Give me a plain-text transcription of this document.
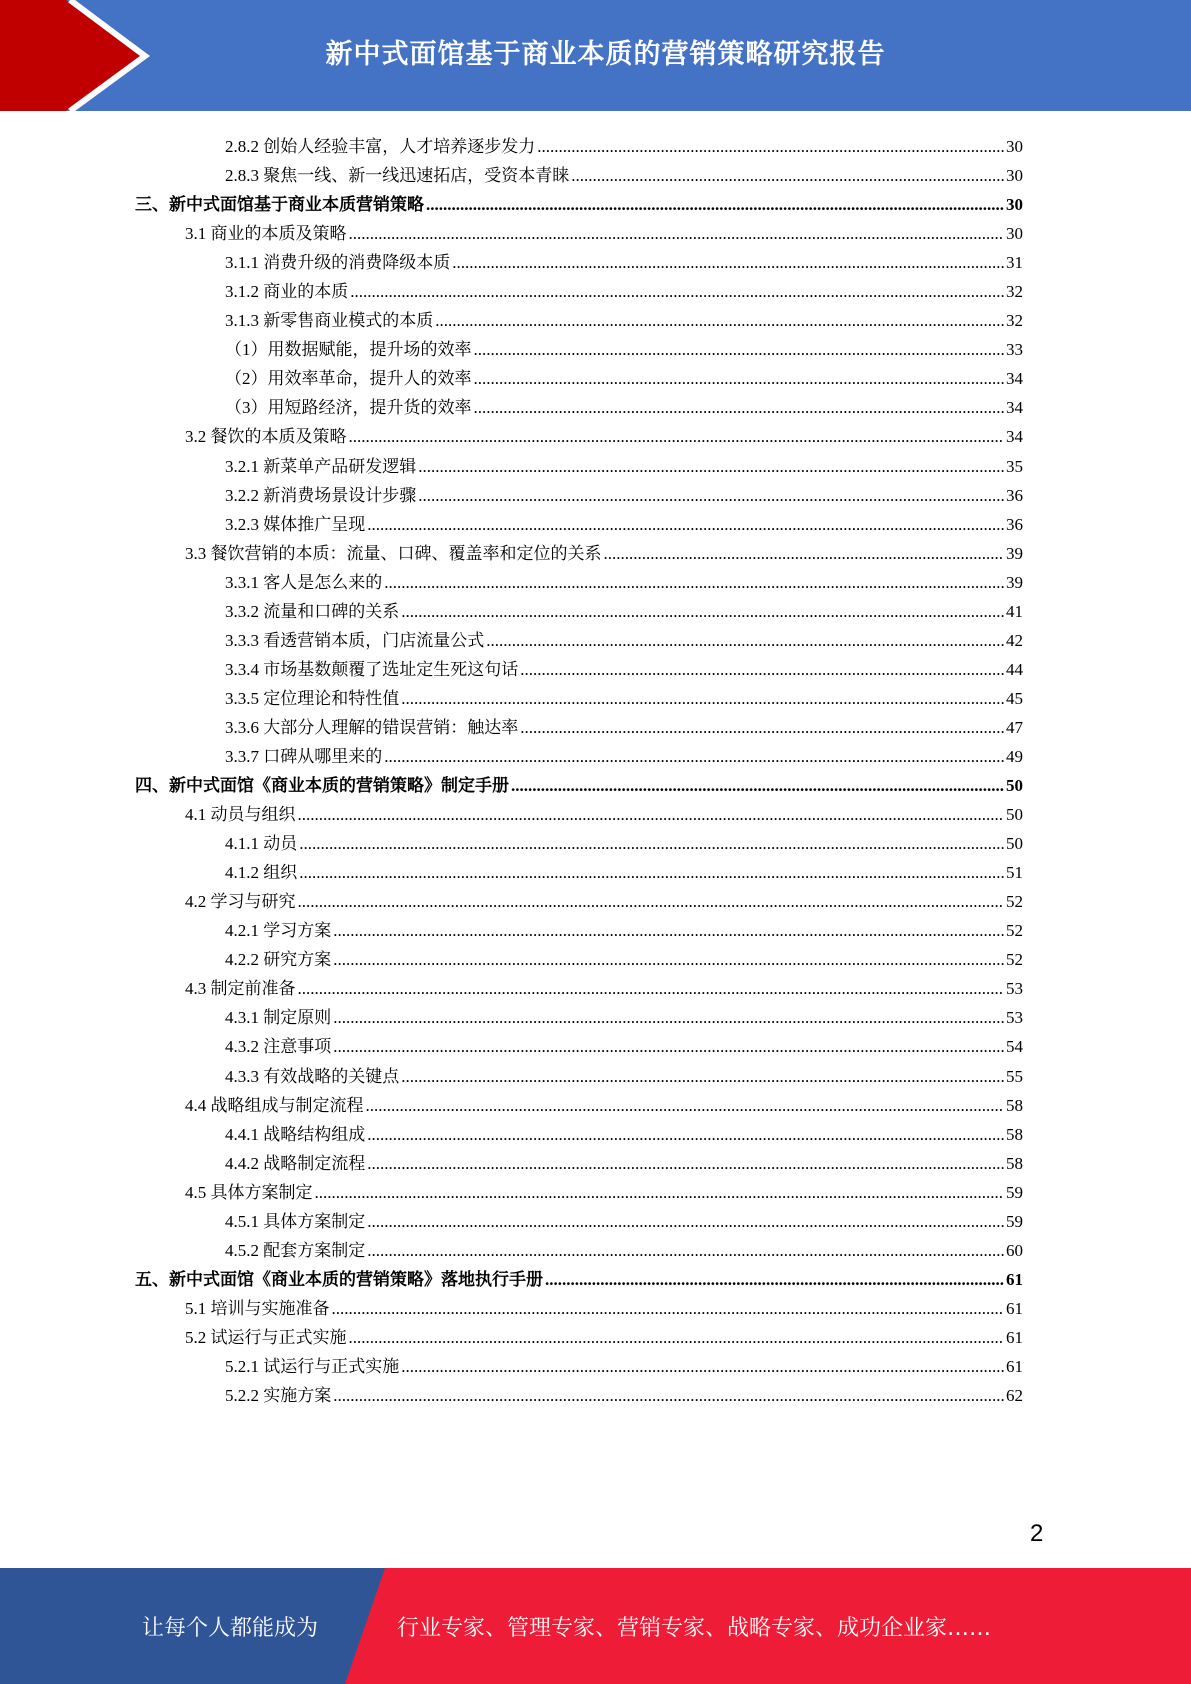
新中式面馆基于商业本质的营销策略研究报告
2.8.2 创始人经验丰富，人才培养逐步发力 .....	30
2.8.3 聚焦一线、新一线迅速拓店，受资本青睐 .....	30
三、新中式面馆基于商业本质营销策略 .....	30
3.1 商业的本质及策略 .....	30
3.1.1 消费升级的消费降级本质 .....	31
3.1.2 商业的本质 .....	32
3.1.3 新零售商业模式的本质 .....	32
（1）用数据赋能，提升场的效率 .....	33
（2）用效率革命，提升人的效率 .....	34
（3）用短路经济，提升货的效率 .....	34
3.2 餐饮的本质及策略 .....	34
3.2.1 新菜单产品研发逻辑 .....	35
3.2.2 新消费场景设计步骤 .....	36
3.2.3 媒体推广呈现 .....	36
3.3 餐饮营销的本质：流量、口碑、覆盖率和定位的关系 .....	39
3.3.1 客人是怎么来的 .....	39
3.3.2 流量和口碑的关系 .....	41
3.3.3 看透营销本质，门店流量公式 .....	42
3.3.4 市场基数颠覆了选址定生死这句话 .....	44
3.3.5 定位理论和特性值 .....	45
3.3.6 大部分人理解的错误营销：触达率 .....	47
3.3.7 口碑从哪里来的 .....	49
四、新中式面馆《商业本质的营销策略》制定手册 .....	50
4.1 动员与组织 .....	50
4.1.1 动员 .....	50
4.1.2 组织 .....	51
4.2 学习与研究 .....	52
4.2.1 学习方案 .....	52
4.2.2 研究方案 .....	52
4.3 制定前准备 .....	53
4.3.1 制定原则 .....	53
4.3.2 注意事项 .....	54
4.3.3 有效战略的关键点 .....	55
4.4 战略组成与制定流程 .....	58
4.4.1 战略结构组成 .....	58
4.4.2 战略制定流程 .....	58
4.5 具体方案制定 .....	59
4.5.1 具体方案制定 .....	59
4.5.2 配套方案制定 .....	60
五、新中式面馆《商业本质的营销策略》落地执行手册 .....	61
5.1 培训与实施准备 .....	61
5.2 试运行与正式实施 .....	61
5.2.1 试运行与正式实施 .....	61
5.2.2 实施方案 .....	62
2
让每个人都能成为	行业专家、管理专家、营销专家、战略专家、成功企业家……
